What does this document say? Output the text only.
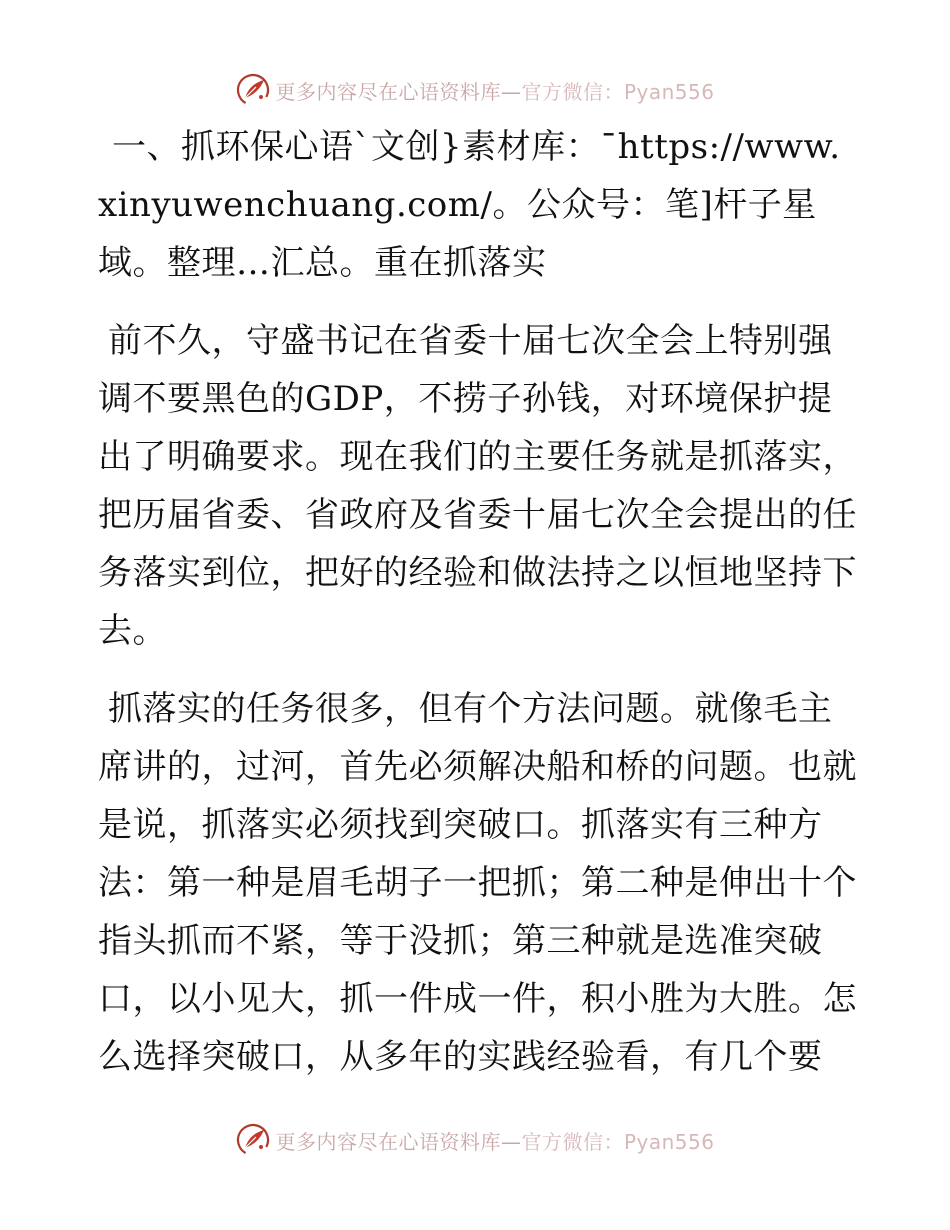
更多内容尽在心语资料库—官方微信：Pyan556

一、抓环保心语`文创}素材库：¯https://www.xinyuwenchuang.com/。公众号：笔]杆子星域。整理…汇总。重在抓落实

前不久，守盛书记在省委十届七次全会上特别强调不要黑色的GDP，不捞子孙钱，对环境保护提出了明确要求。现在我们的主要任务就是抓落实，把历届省委、省政府及省委十届七次全会提出的任务落实到位，把好的经验和做法持之以恒地坚持下去。

抓落实的任务很多，但有个方法问题。就像毛主席讲的，过河，首先必须解决船和桥的问题。也就是说，抓落实必须找到突破口。抓落实有三种方法：第一种是眉毛胡子一把抓；第二种是伸出十个指头抓而不紧，等于没抓；第三种就是选准突破口，以小见大，抓一件成一件，积小胜为大胜。怎么选择突破口，从多年的实践经验看，有几个要

更多内容尽在心语资料库—官方微信：Pyan556
